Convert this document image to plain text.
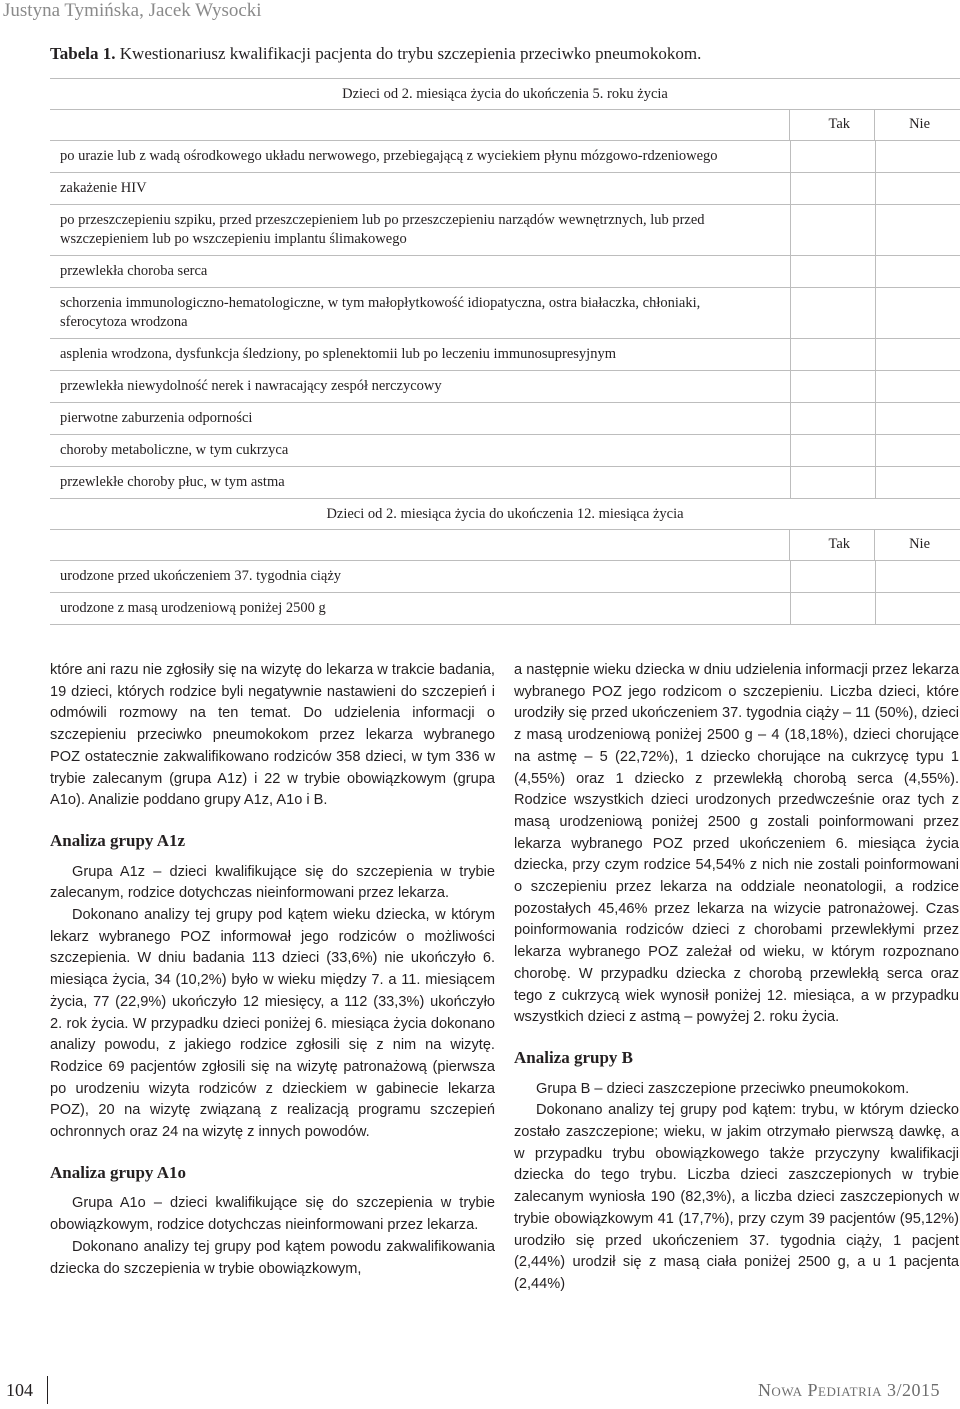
Justyna Tymińska, Jacek Wysocki
Tabela 1. Kwestionariusz kwalifikacji pacjenta do trybu szczepienia przeciwko pneumokokom.
Dzieci od 2. miesiąca życia do ukończenia 5. roku życia
Tak	Nie
po urazie lub z wadą ośrodkowego układu nerwowego, przebiegającą z wyciekiem płynu mózgowo-rdzeniowego
zakażenie HIV
po przeszczepieniu szpiku, przed przeszczepieniem lub po przeszczepieniu narządów wewnętrznych, lub przed wszczepieniem lub po wszczepieniu implantu ślimakowego
przewlekła choroba serca
schorzenia immunologiczno-hematologiczne, w tym małopłytkowość idiopatyczna, ostra białaczka, chłoniaki, sferocytoza wrodzona
asplenia wrodzona, dysfunkcja śledziony, po splenektomii lub po leczeniu immunosupresyjnym
przewlekła niewydolność nerek i nawracający zespół nerczycowy
pierwotne zaburzenia odporności
choroby metaboliczne, w tym cukrzyca
przewlekłe choroby płuc, w tym astma
Dzieci od 2. miesiąca życia do ukończenia 12. miesiąca życia
Tak	Nie
urodzone przed ukończeniem 37. tygodnia ciąży
urodzone z masą urodzeniową poniżej 2500 g

które ani razu nie zgłosiły się na wizytę do lekarza w trakcie badania, 19 dzieci, których rodzice byli negatywnie nastawieni do szczepień i odmówili rozmowy na ten temat. Do udzielenia informacji o szczepieniu przeciwko pneumokokom przez lekarza wybranego POZ ostatecznie zakwalifikowano rodziców 358 dzieci, w tym 336 w trybie zalecanym (grupa A1z) i 22 w trybie obowiązkowym (grupa A1o). Analizie poddano grupy A1z, A1o i B.

Analiza grupy A1z

Grupa A1z – dzieci kwalifikujące się do szczepienia w trybie zalecanym, rodzice dotychczas nieinformowani przez lekarza.

Dokonano analizy tej grupy pod kątem wieku dziecka, w którym lekarz wybranego POZ informował jego rodziców o możliwości szczepienia. W dniu badania 113 dzieci (33,6%) nie ukończyło 6. miesiąca życia, 34 (10,2%) było w wieku między 7. a 11. miesiącem życia, 77 (22,9%) ukończyło 12 miesięcy, a 112 (33,3%) ukończyło 2. rok życia. W przypadku dzieci poniżej 6. miesiąca życia dokonano analizy powodu, z jakiego rodzice zgłosili się z nim na wizytę. Rodzice 69 pacjentów zgłosili się na wizytę patronażową (pierwsza po urodzeniu wizyta rodziców z dzieckiem w gabinecie lekarza POZ), 20 na wizytę związaną z realizacją programu szczepień ochronnych oraz 24 na wizytę z innych powodów.

Analiza grupy A1o

Grupa A1o – dzieci kwalifikujące się do szczepienia w trybie obowiązkowym, rodzice dotychczas nieinformowani przez lekarza.

Dokonano analizy tej grupy pod kątem powodu zakwalifikowania dziecka do szczepienia w trybie obowiązkowym,

a następnie wieku dziecka w dniu udzielenia informacji przez lekarza wybranego POZ jego rodzicom o szczepieniu. Liczba dzieci, które urodziły się przed ukończeniem 37. tygodnia ciąży – 11 (50%), dzieci z masą urodzeniową poniżej 2500 g – 4 (18,18%), dzieci chorujące na astmę – 5 (22,72%), 1 dziecko chorujące na cukrzycę typu 1 (4,55%) oraz 1 dziecko z przewlekłą chorobą serca (4,55%). Rodzice wszystkich dzieci urodzonych przedwcześnie oraz tych z masą urodzeniową poniżej 2500 g zostali poinformowani przez lekarza wybranego POZ przed ukończeniem 6. miesiąca życia dziecka, przy czym rodzice 54,54% z nich nie zostali poinformowani o szczepieniu przez lekarza na oddziale neonatologii, a rodzice pozostałych 45,46% przez lekarza na wizycie patronażowej. Czas poinformowania rodziców dzieci z chorobami przewlekłymi przez lekarza wybranego POZ zależał od wieku, w którym rozpoznano chorobę. W przypadku dziecka z chorobą przewlekłą serca oraz tego z cukrzycą wiek wynosił poniżej 12. miesiąca, a w przypadku wszystkich dzieci z astmą – powyżej 2. roku życia.

Analiza grupy B

Grupa B – dzieci zaszczepione przeciwko pneumokokom.

Dokonano analizy tej grupy pod kątem: trybu, w którym dziecko zostało zaszczepione; wieku, w jakim otrzymało pierwszą dawkę, a w przypadku trybu obowiązkowego także przyczyny kwalifikacji dziecka do tego trybu. Liczba dzieci zaszczepionych w trybie zalecanym wyniosła 190 (82,3%), a liczba dzieci zaszczepionych w trybie obowiązkowym 41 (17,7%), przy czym 39 pacjentów (95,12%) urodziło się przed ukończeniem 37. tygodnia ciąży, 1 pacjent (2,44%) urodził się z masą ciała poniżej 2500 g, a u 1 pacjenta (2,44%)

104	Nowa Pediatria 3/2015
